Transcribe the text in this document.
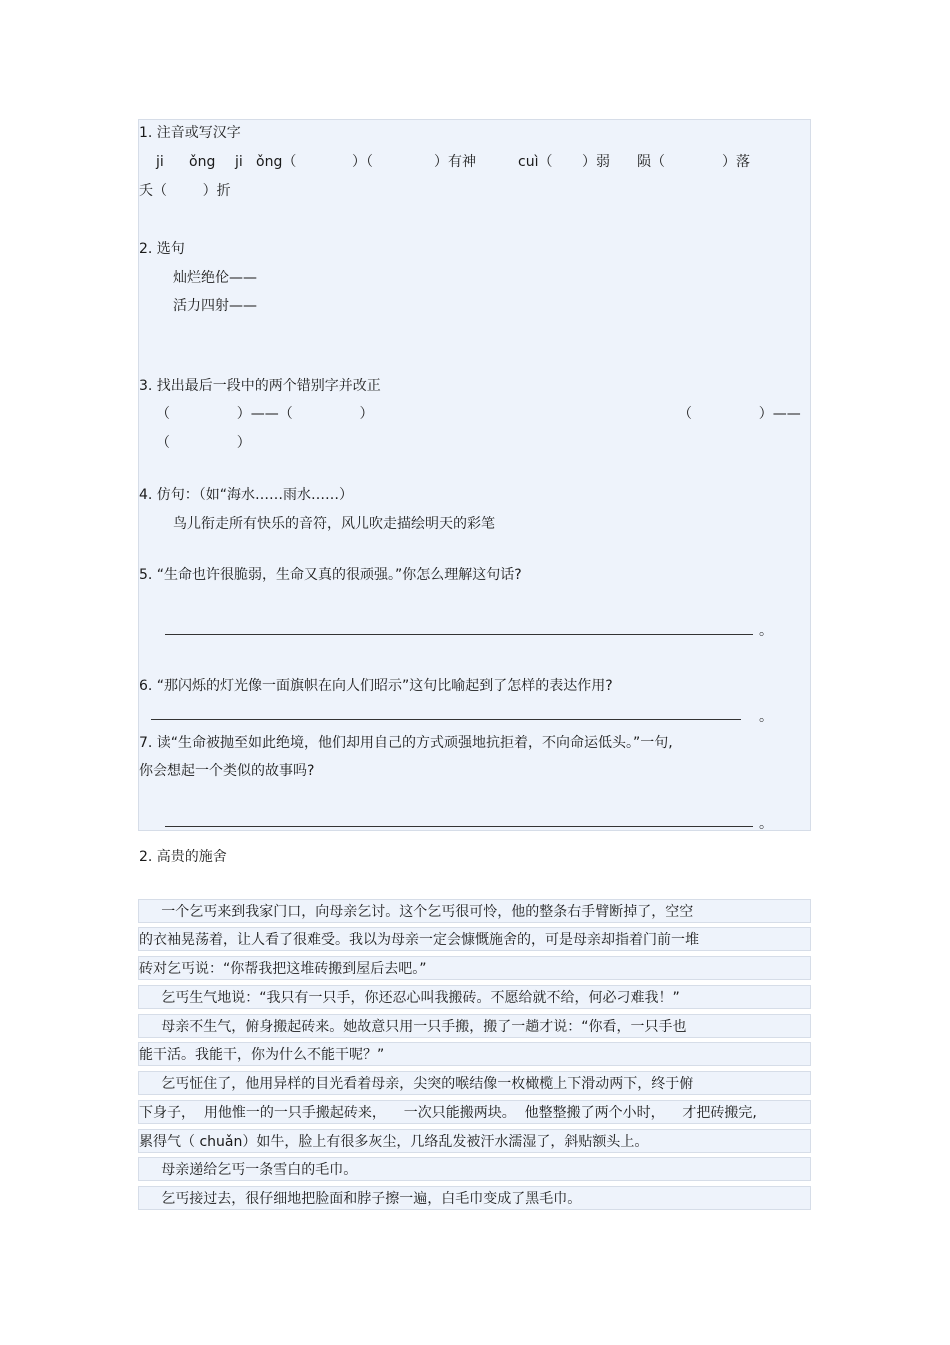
1. 注音或写汉字
ji ǒng ji ǒng（	）（	）有神	cuì（ ）弱 陨（	）落
夭（        ）折
2. 选句
灿烂绝伦——
活力四射——
3. 找出最后一段中的两个错别字并改正
（               ）——（               ）	（               ）——
（               ）
4. 仿句：（如“海水……雨水……）
鸟儿衔走所有快乐的音符，风儿吹走描绘明天的彩笔
5. “生命也许很脆弱，生命又真的很顽强。”你怎么理解这句话?
。
6. “那闪烁的灯光像一面旗帜在向人们昭示”这句比喻起到了怎样的表达作用?
。
7. 读“生命被抛至如此绝境，他们却用自己的方式顽强地抗拒着，不向命运低头。”一句,
你会想起一个类似的故事吗?
。
2. 高贵的施舍
一个乞丐来到我家门口，向母亲乞讨。这个乞丐很可怜，他的整条右手臂断掉了，空空
的衣袖晃荡着，让人看了很难受。我以为母亲一定会慷慨施舍的，可是母亲却指着门前一堆
砖对乞丐说：“你帮我把这堆砖搬到屋后去吧。”
乞丐生气地说：“我只有一只手，你还忍心叫我搬砖。不愿给就不给，何必刁难我！”
母亲不生气，俯身搬起砖来。她故意只用一只手搬，搬了一趟才说：“你看，一只手也
能干活。我能干，你为什么不能干呢？”
乞丐怔住了，他用异样的目光看着母亲，尖突的喉结像一枚橄榄上下滑动两下，终于俯
下身子，  用他惟一的一只手搬起砖来，    一次只能搬两块。  他整整搬了两个小时，    才把砖搬完,
累得气（ chuǎn）如牛，脸上有很多灰尘，几络乱发被汗水濡湿了，斜贴额头上。
母亲递给乞丐一条雪白的毛巾。
乞丐接过去，很仔细地把脸面和脖子擦一遍，白毛巾变成了黑毛巾。
